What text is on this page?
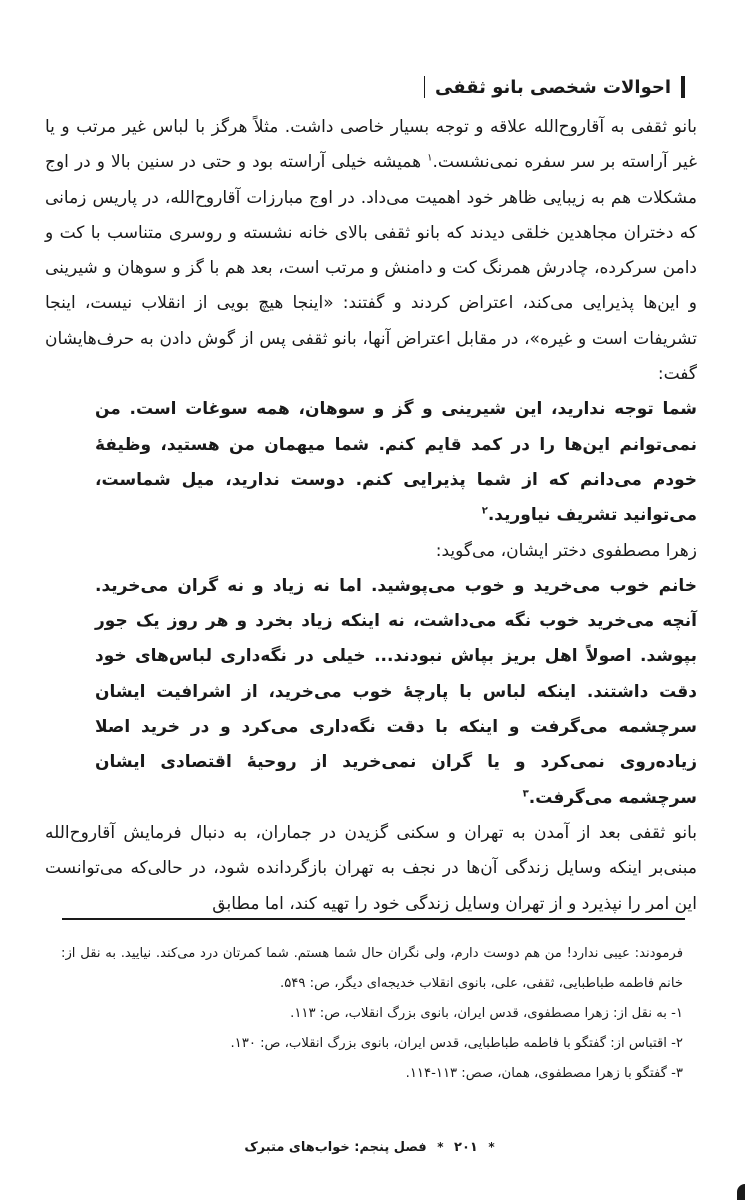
احوالات شخصی بانو ثقفی

بانو ثقفی به آقاروح‌الله علاقه و توجه بسیار خاصی داشت. مثلاً هرگز با لباس غیر مرتب و یا غیر آراسته بر سر سفره نمی‌نشست.$^۱$ همیشه خیلی آراسته بود و حتی در سنین بالا و در اوج مشکلات هم به زیبایی ظاهر خود اهمیت می‌داد. در اوج مبارزات آقاروح‌الله، در پاریس زمانی که دختران مجاهدین خلقی دیدند که بانو ثقفی بالای خانه نشسته و روسری متناسب با کت و دامن سرکرده، چادرش همرنگ کت و دامنش و مرتب است، بعد هم با گز و سوهان و شیرینی و این‌ها پذیرایی می‌کند، اعتراض کردند و گفتند: «اینجا هیچ بویی از انقلاب نیست، اینجا تشریفات است و غیره»، در مقابل اعتراض آنها، بانو ثقفی پس از گوش دادن به حرف‌هایشان گفت:

شما توجه ندارید، این شیرینی و گز و سوهان، همه سوغات است. من نمی‌توانم این‌ها را در کمد قایم کنم. شما میهمان من هستید، وظیفهٔ خودم می‌دانم که از شما پذیرایی کنم. دوست ندارید، میل شماست، می‌توانید تشریف نیاورید.$^۲$

زهرا مصطفوی دختر ایشان، می‌گوید:

خانم خوب می‌خرید و خوب می‌پوشید. اما نه زیاد و نه گران می‌خرید. آنچه می‌خرید خوب نگه می‌داشت، نه اینکه زیاد بخرد و هر روز یک جور بپوشد. اصولاً اهل بریز بپاش نبودند... خیلی در نگه‌داری لباس‌های خود دقت داشتند. اینکه لباس با پارچهٔ خوب می‌خرید، از اشرافیت ایشان سرچشمه می‌گرفت و اینکه با دقت نگه‌داری می‌کرد و در خرید اصلا زیاده‌روی نمی‌کرد و یا گران نمی‌خرید از روحیهٔ اقتصادی ایشان سرچشمه می‌گرفت.$^۳$

بانو ثقفی بعد از آمدن به تهران و سکنی گزیدن در جماران، به دنبال فرمایش آقاروح‌الله مبنی‌بر اینکه وسایل زندگی آن‌ها در نجف به تهران بازگردانده شود، در حالی‌که می‌توانست این امر را نپذیرد و از تهران وسایل زندگی خود را تهیه کند، اما مطابق

فرمودند: عیبی ندارد! من هم دوست دارم، ولی نگران حال شما هستم. شما کمرتان درد می‌کند. نیایید. به نقل از: خانم فاطمه طباطبایی، ثقفی، علی، بانوی انقلاب خدیجه‌ای دیگر، ص: ۵۴۹.

۱- به نقل از: زهرا مصطفوی، قدس ایران، بانوی بزرگ انقلاب، ص: ۱۱۳.

۲- اقتباس از: گفتگو با فاطمه طباطبایی، قدس ایران، بانوی بزرگ انقلاب، ص: ۱۳۰.

۳- گفتگو با زهرا مصطفوی، همان، صص: ۱۱۳-۱۱۴.

* ۲۰۱ * فصل پنجم: خواب‌های متبرک
